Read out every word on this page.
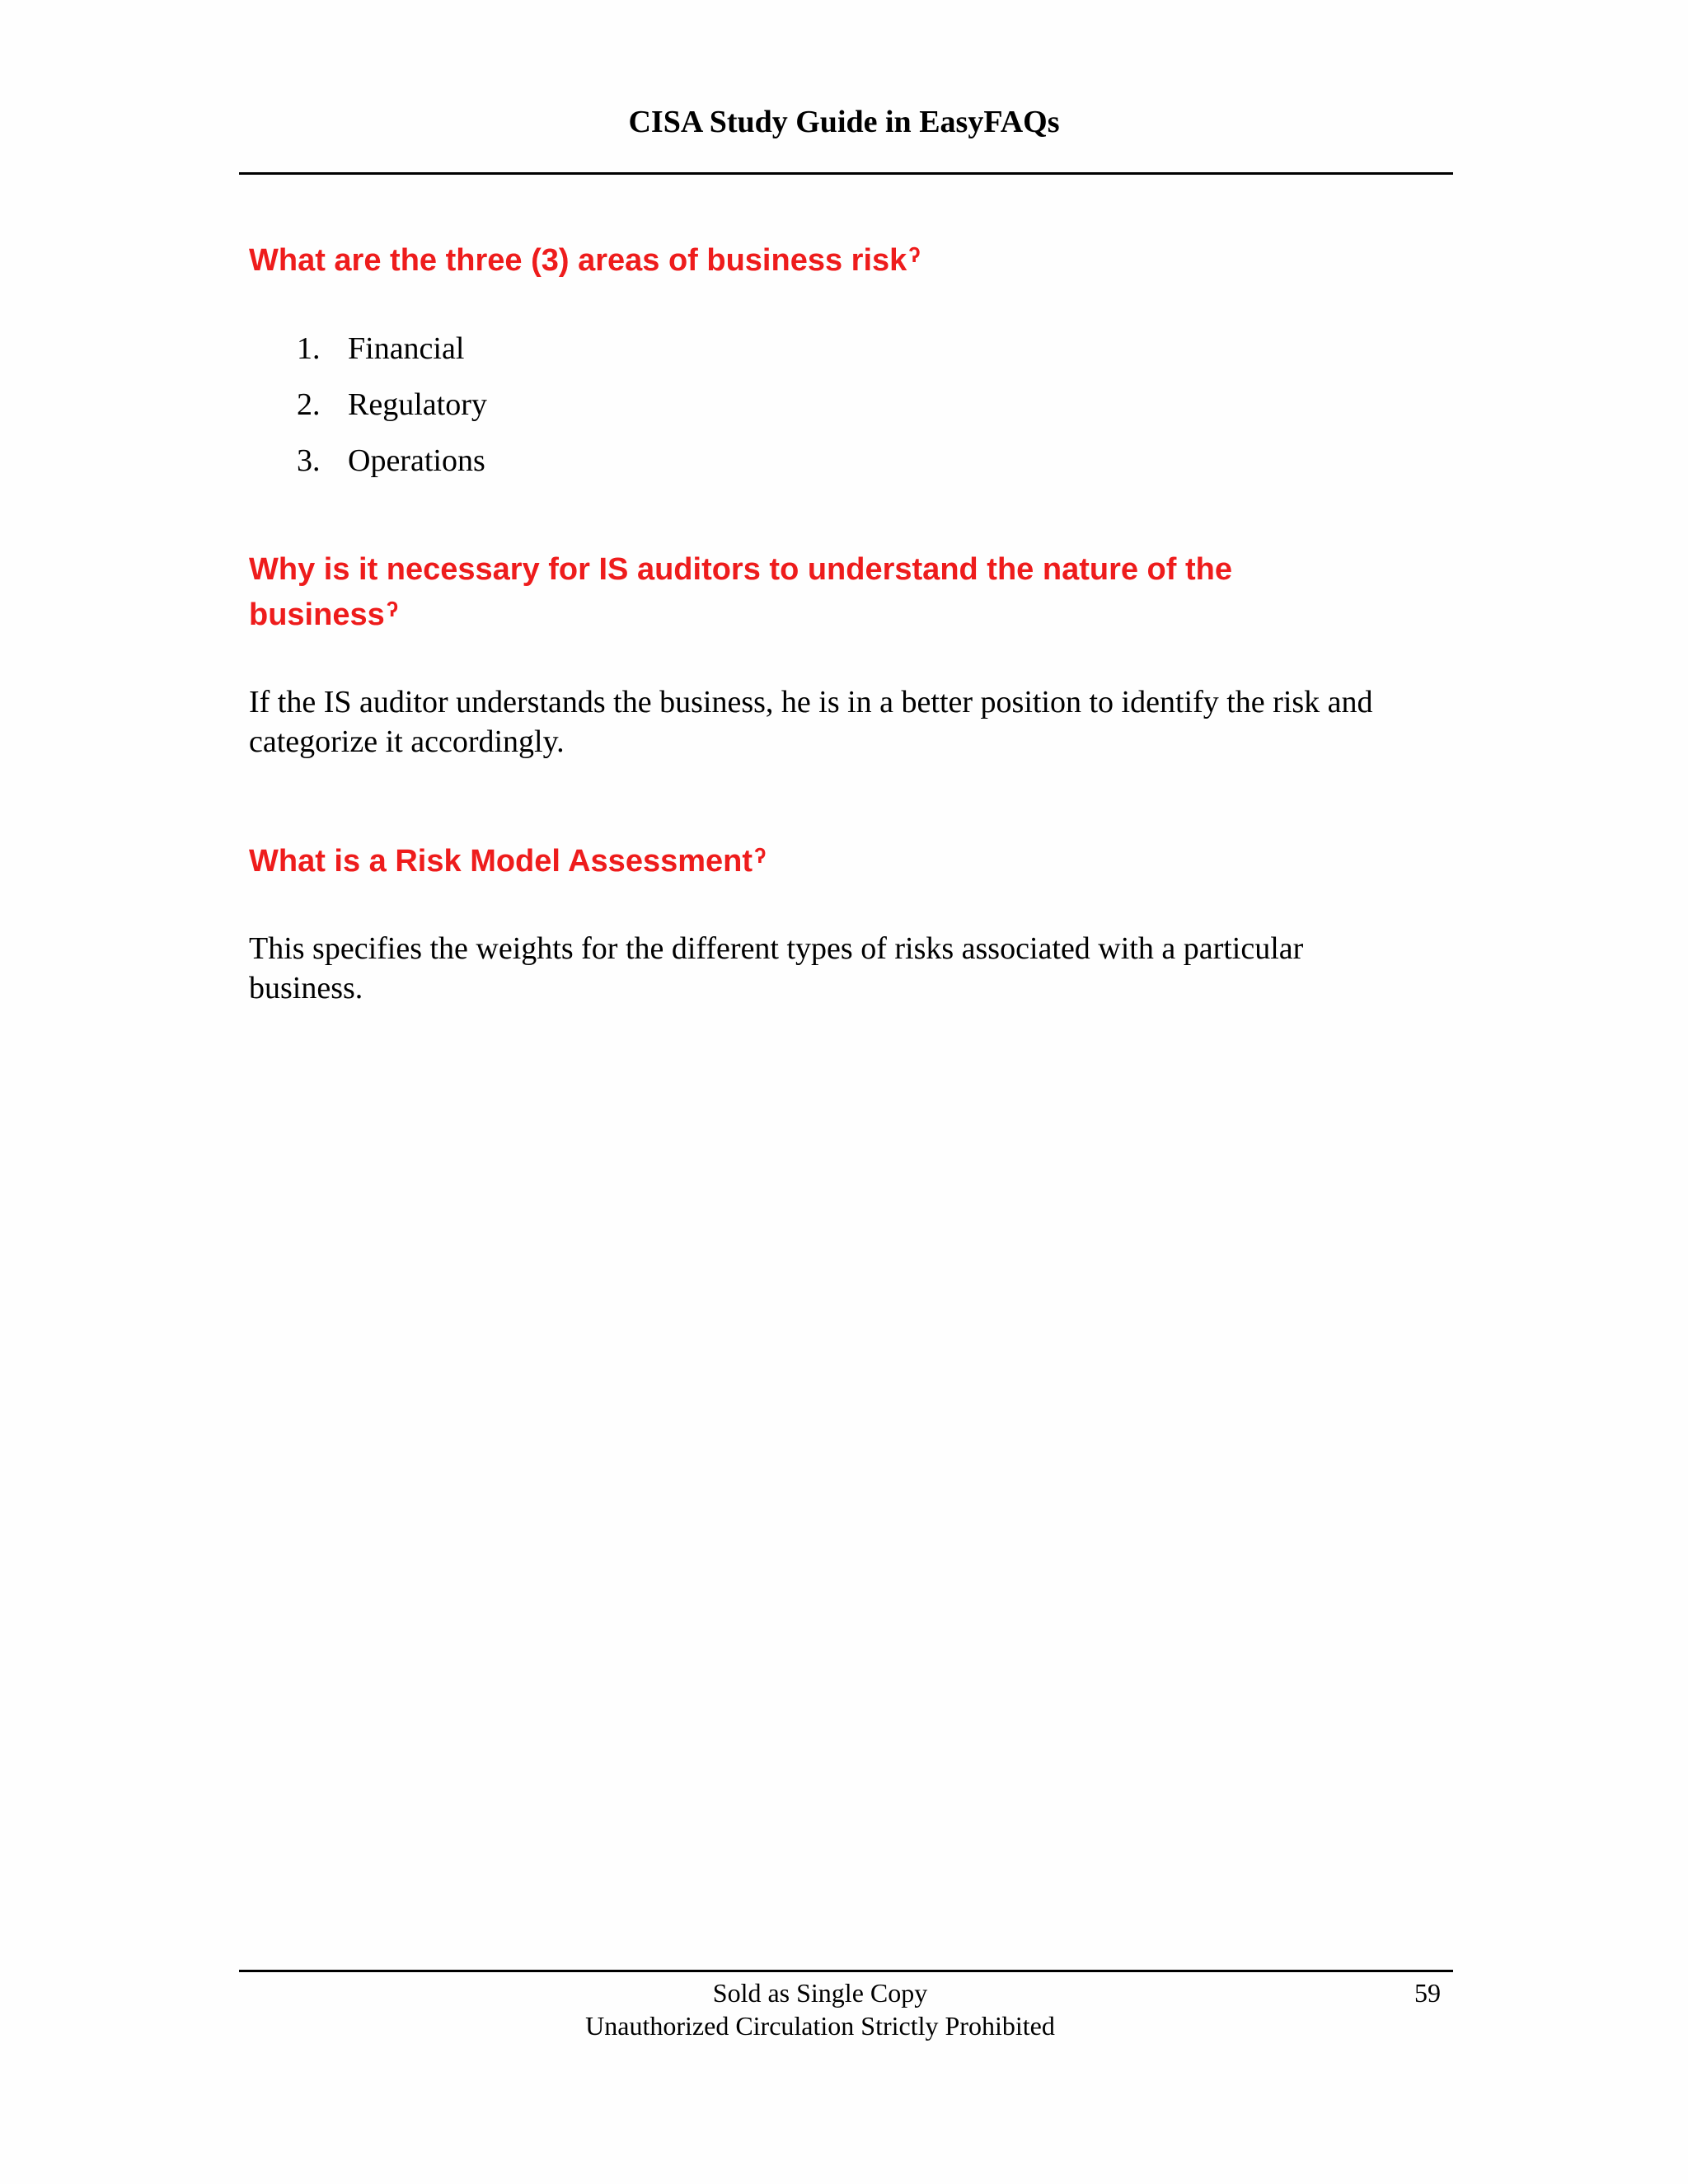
CISA Study Guide in EasyFAQs
What are the three (3) areas of business riskʔ
1. Financial
2. Regulatory
3. Operations
Why is it necessary for IS auditors to understand the nature of the
businessʔ

If the IS auditor understands the business, he is in a better position to identify the risk and
categorize it accordingly.

What is a Risk Model Assessmentʔ

This specifies the weights for the different types of risks associated with a particular
business.

Sold as Single Copy
Unauthorized Circulation Strictly Prohibited
59
